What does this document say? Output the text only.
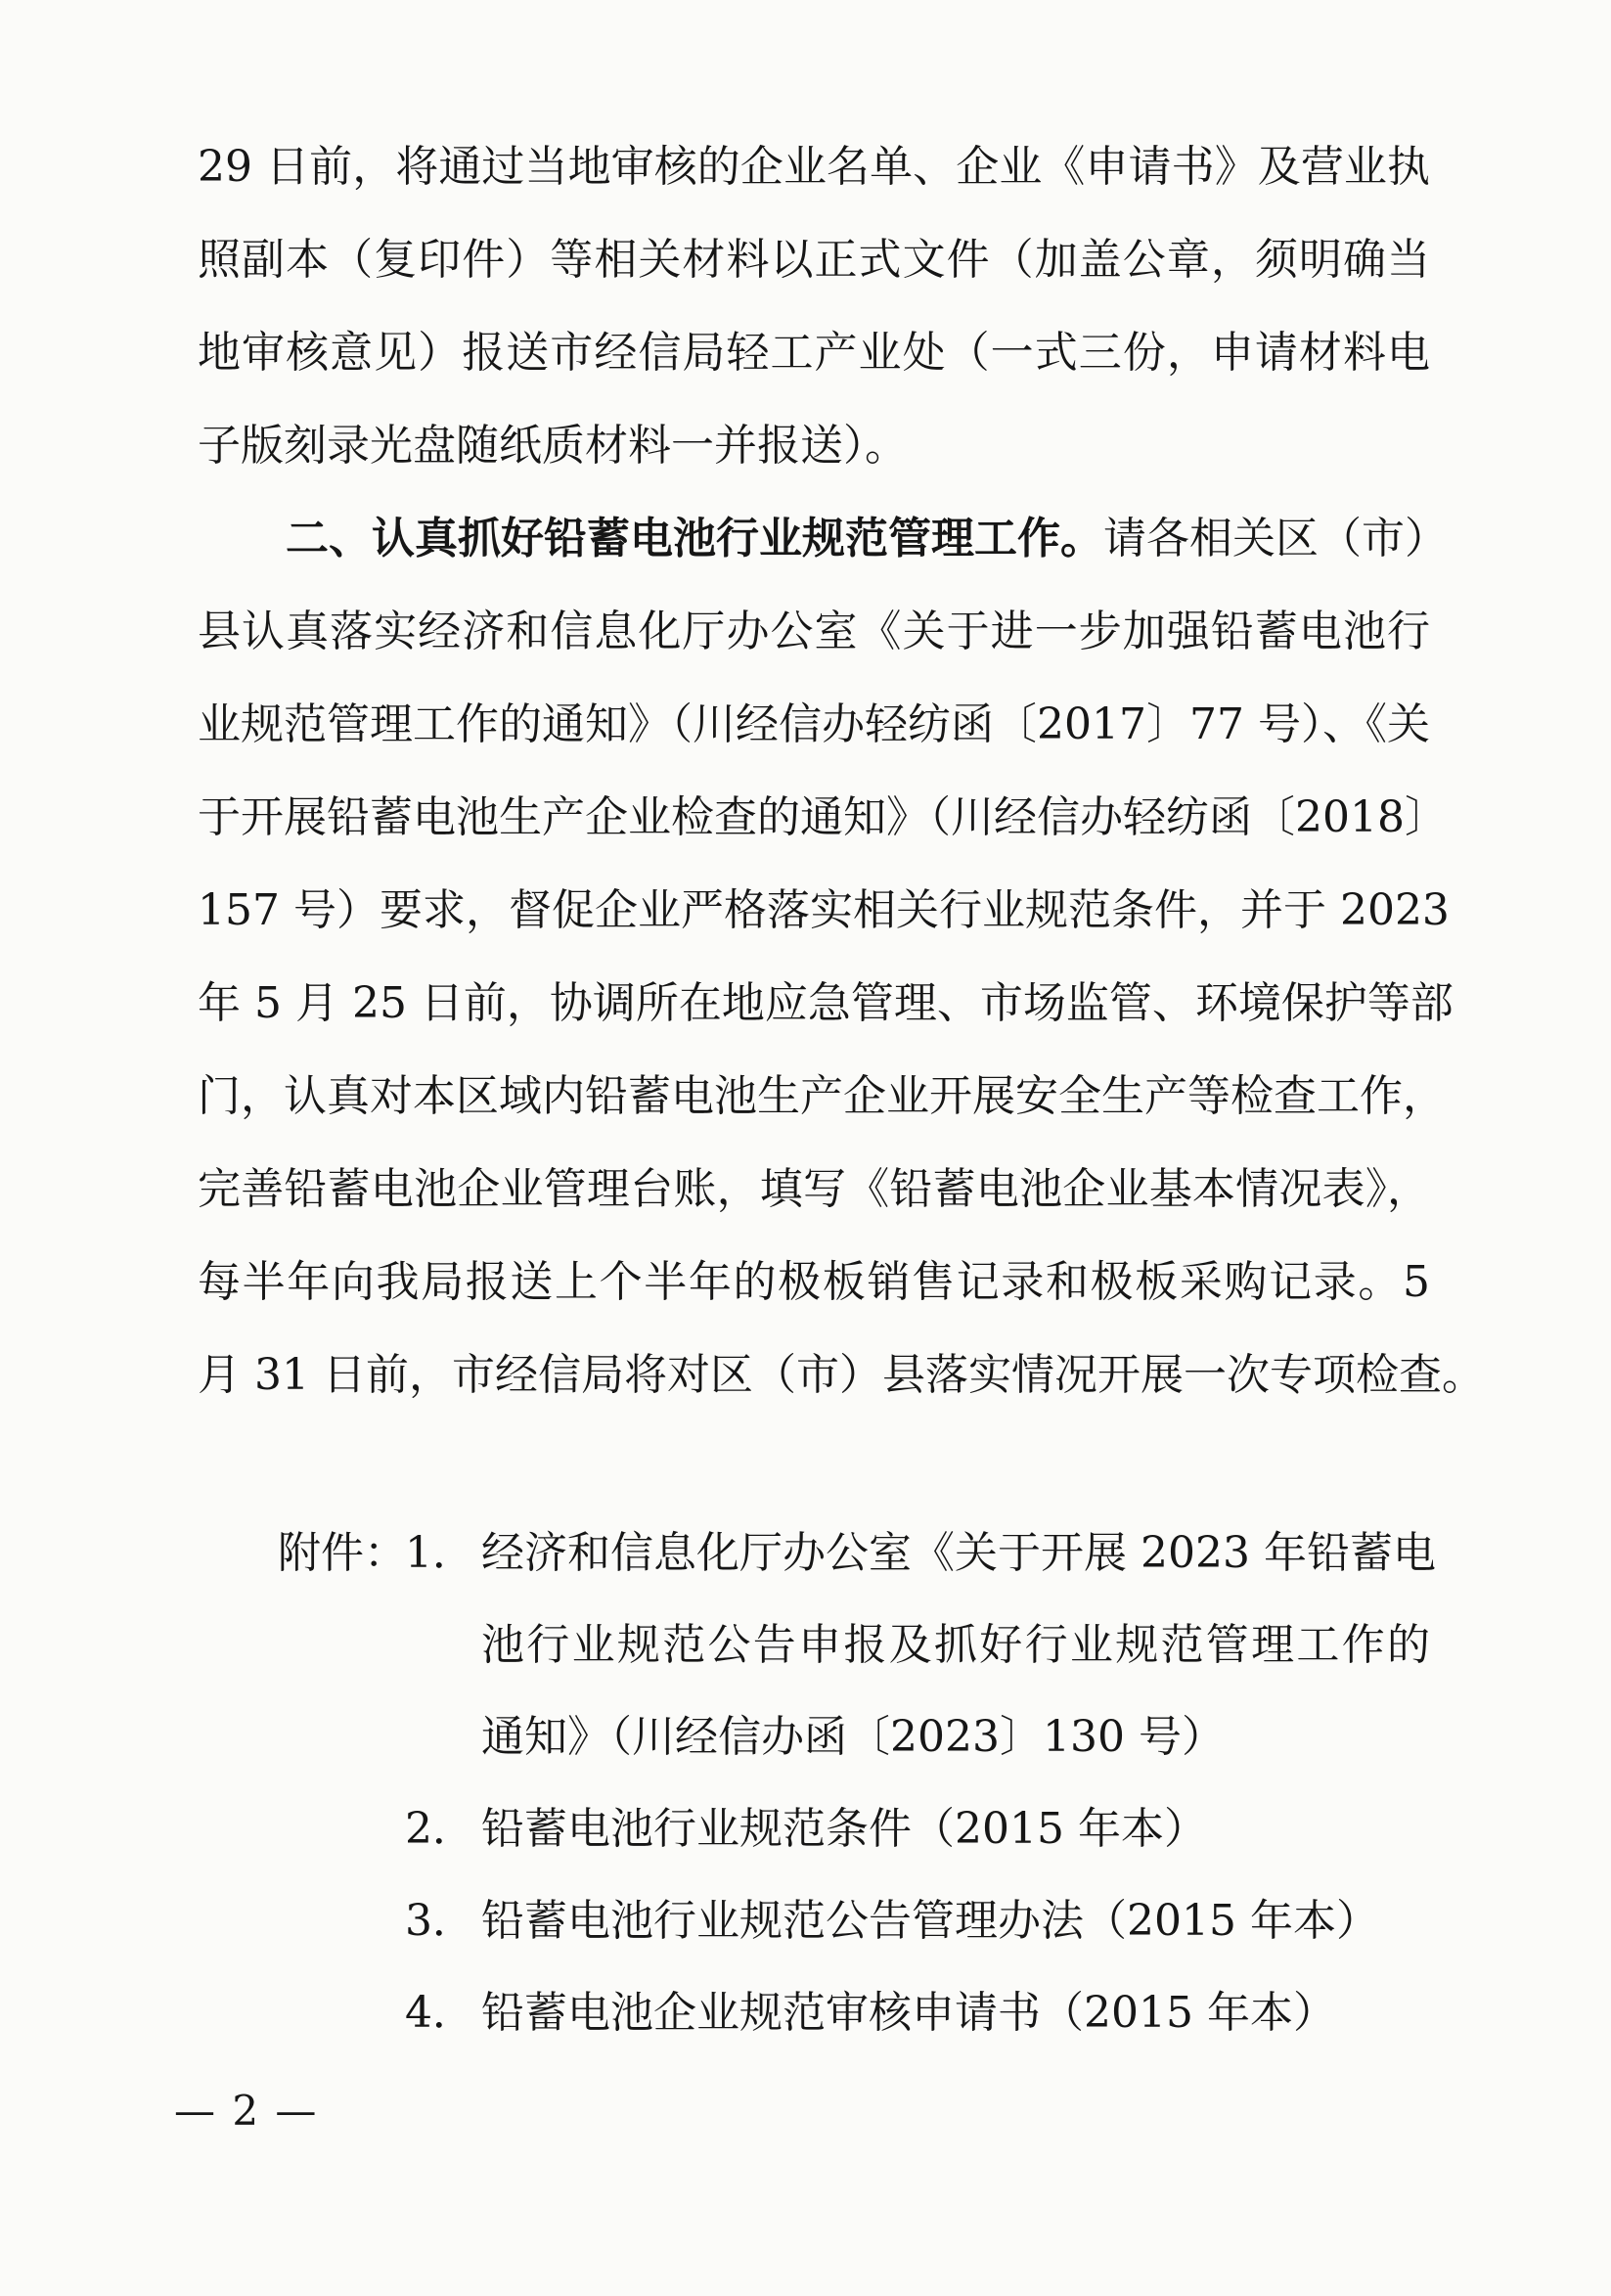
29 日前，将通过当地审核的企业名单、企业《申请书》及营业执
照副本（复印件）等相关材料以正式文件（加盖公章，须明确当
地审核意见）报送市经信局轻工产业处（一式三份，申请材料电
子版刻录光盘随纸质材料一并报送）。
二、认真抓好铅蓄电池行业规范管理工作。请各相关区（市）
县认真落实经济和信息化厅办公室《关于进一步加强铅蓄电池行
业规范管理工作的通知》（川经信办轻纺函〔2017〕77 号）、《关
于开展铅蓄电池生产企业检查的通知》（川经信办轻纺函〔2018〕
157 号）要求，督促企业严格落实相关行业规范条件，并于 2023
年 5 月 25 日前，协调所在地应急管理、市场监管、环境保护等部
门，认真对本区域内铅蓄电池生产企业开展安全生产等检查工作，
完善铅蓄电池企业管理台账，填写《铅蓄电池企业基本情况表》，
每半年向我局报送上个半年的极板销售记录和极板采购记录。5
月 31 日前，市经信局将对区（市）县落实情况开展一次专项检查。
附件：
1． 经济和信息化厅办公室《关于开展 2023 年铅蓄电
池行业规范公告申报及抓好行业规范管理工作的
通知》（川经信办函〔2023〕130 号）
2． 铅蓄电池行业规范条件（2015 年本）
3． 铅蓄电池行业规范公告管理办法（2015 年本）
4． 铅蓄电池企业规范审核申请书（2015 年本）
— 2 —
